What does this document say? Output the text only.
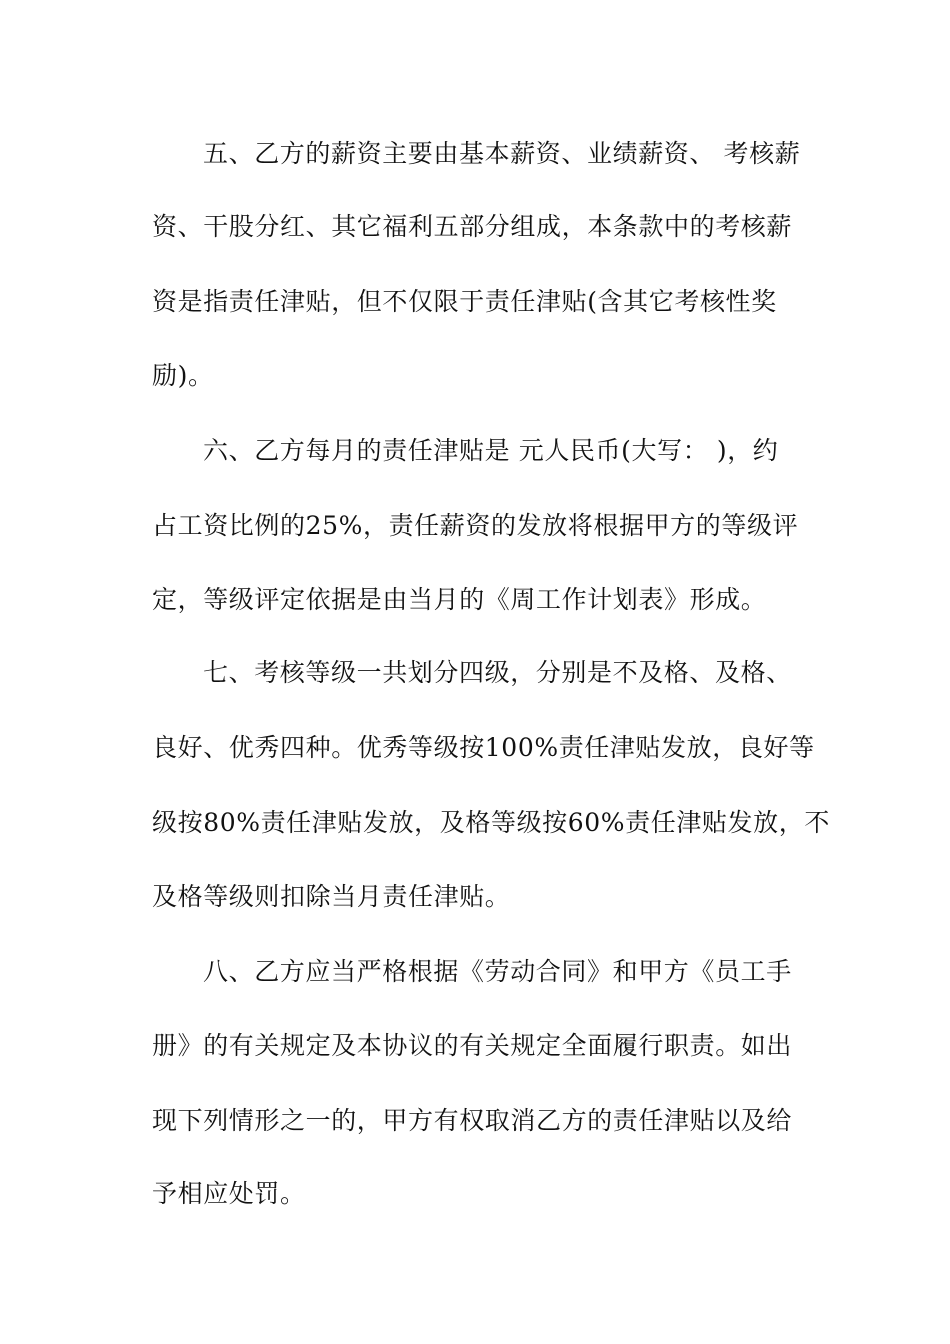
五、乙方的薪资主要由基本薪资、业绩薪资、 考核薪
资、干股分红、其它福利五部分组成，本条款中的考核薪
资是指责任津贴，但不仅限于责任津贴(含其它考核性奖
励)。
六、乙方每月的责任津贴是 元人民币(大写： )，约
占工资比例的25%，责任薪资的发放将根据甲方的等级评
定，等级评定依据是由当月的《周工作计划表》形成。
七、考核等级一共划分四级，分别是不及格、及格、
良好、优秀四种。优秀等级按100%责任津贴发放，良好等
级按80%责任津贴发放，及格等级按60%责任津贴发放，不
及格等级则扣除当月责任津贴。
八、乙方应当严格根据《劳动合同》和甲方《员工手
册》的有关规定及本协议的有关规定全面履行职责。如出
现下列情形之一的，甲方有权取消乙方的责任津贴以及给
予相应处罚。
